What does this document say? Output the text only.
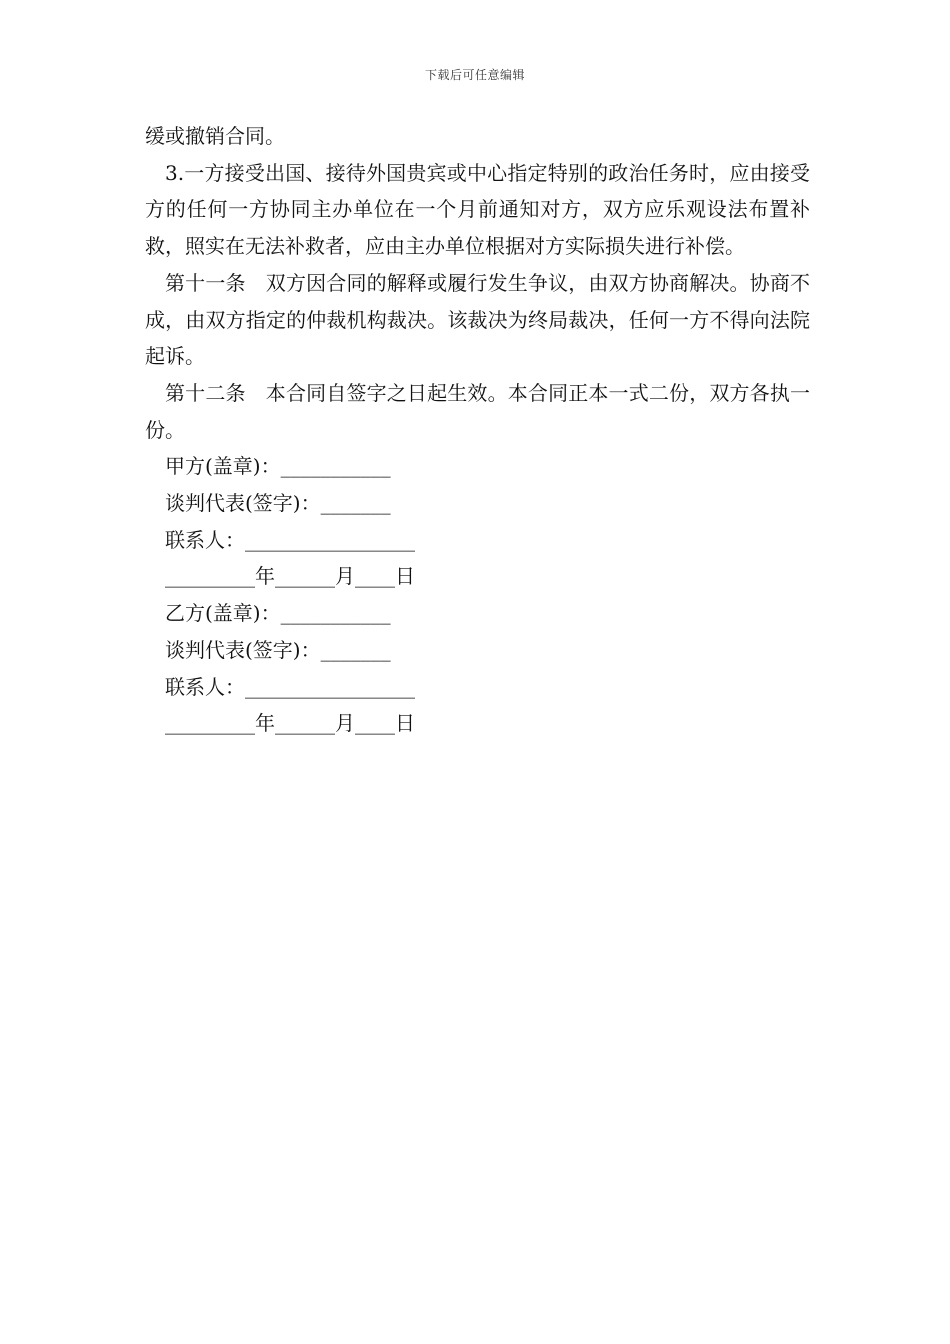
下载后可任意编辑

缓或撤销合同。

3.一方接受出国、接待外国贵宾或中心指定特别的政治任务时，应由接受方的任何一方协同主办单位在一个月前通知对方，双方应乐观设法布置补救，照实在无法补救者，应由主办单位根据对方实际损失进行补偿。

第十一条　双方因合同的解释或履行发生争议，由双方协商解决。协商不成，由双方指定的仲裁机构裁决。该裁决为终局裁决，任何一方不得向法院起诉。

第十二条　本合同自签字之日起生效。本合同正本一式二份，双方各执一份。

甲方(盖章)：___________
谈判代表(签字)：_______
联系人：_________________
_________年______月____日
乙方(盖章)：___________
谈判代表(签字)：_______
联系人：_________________
_________年______月____日
